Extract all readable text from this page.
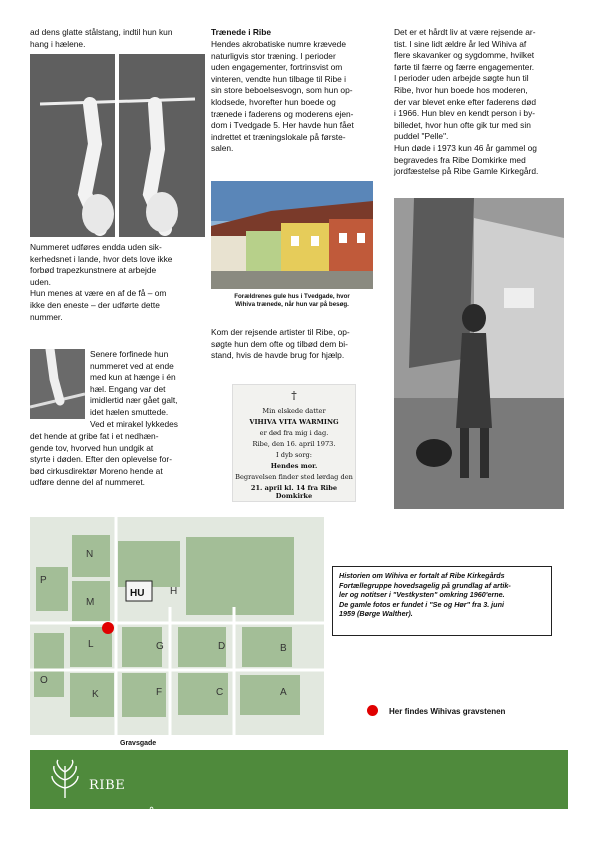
ad dens glatte stålstang, indtil hun kun
hang i hælene.
Nummeret udføres endda uden sik-
kerhedsnet i lande, hvor dets love ikke
forbød trapezkunstnere at arbejde
uden.
Hun menes at være en af de få – om
ikke den eneste – der udførte dette
nummer.
Senere forfinede hun
nummeret ved at ende
med kun at hænge i én
hæl. Engang var det
imidlertid nær gået galt,
idet hælen smuttede.
Ved et mirakel lykkedes
det hende at gribe fat i et nedhæn-
gende tov, hvorved hun undgik at
styrte i døden. Efter den oplevelse for-
bød cirkusdirektør Moreno hende at
udføre denne del af nummeret.
Trænede i Ribe
Hendes akrobatiske numre krævede
naturligvis stor træning. I perioder
uden engagementer, fortrinsvist om
vinteren, vendte hun tilbage til Ribe i
sin store beboelsesvogn, som hun op-
klodsede, hvorefter hun boede og
trænede i faderens og moderens ejen-
dom i Tvedgade 5. Her havde hun fået
indrettet et træningslokale på første-
salen.
Forældrenes gule hus i Tvedgade, hvor
Wihiva trænede, når hun var på besøg.
Kom der rejsende artister til Ribe, op-
søgte hun dem ofte og tilbød dem bi-
stand, hvis de havde brug for hjælp.
†
Min elskede datter
VIHIVA VITA WARMING
er død fra mig i dag.
Ribe, den 16. april 1973.
I dyb sorg:
Hendes mor.
Begravelsen finder sted lørdag den
21. april kl. 14 fra Ribe Domkirke
Det er et hårdt liv at være rejsende ar-
tist. I sine lidt ældre år led Wihiva af
flere skavanker og sygdomme, hvilket
førte til færre og færre engagementer.
I perioder uden arbejde søgte hun til
Ribe, hvor hun boede hos moderen,
der var blevet enke efter faderens død
i 1966. Hun blev en kendt person i by-
billedet, hvor hun ofte gik tur med sin
puddel "Pelle".
Hun døde i 1973 kun 46 år gammel og
begravedes fra Ribe Domkirke med
jordfæstelse på Ribe Gamle Kirkegård.
N
P
M
HU	H
L	G	D	B
O
K	F	C	A
Gravsgade
Historien om Wihiva er fortalt af Ribe Kirkegårds
Fortællegruppe hovedsagelig på grundlag af artik-
ler og notitser i "Vestkysten" omkring 1960'erne.
De gamle fotos er fundet i "Se og Hør" fra 3. juni
1959 (Børge Walther).
Her findes Wihivas gravstenen

RIBE

KIRKEGÅRDE
